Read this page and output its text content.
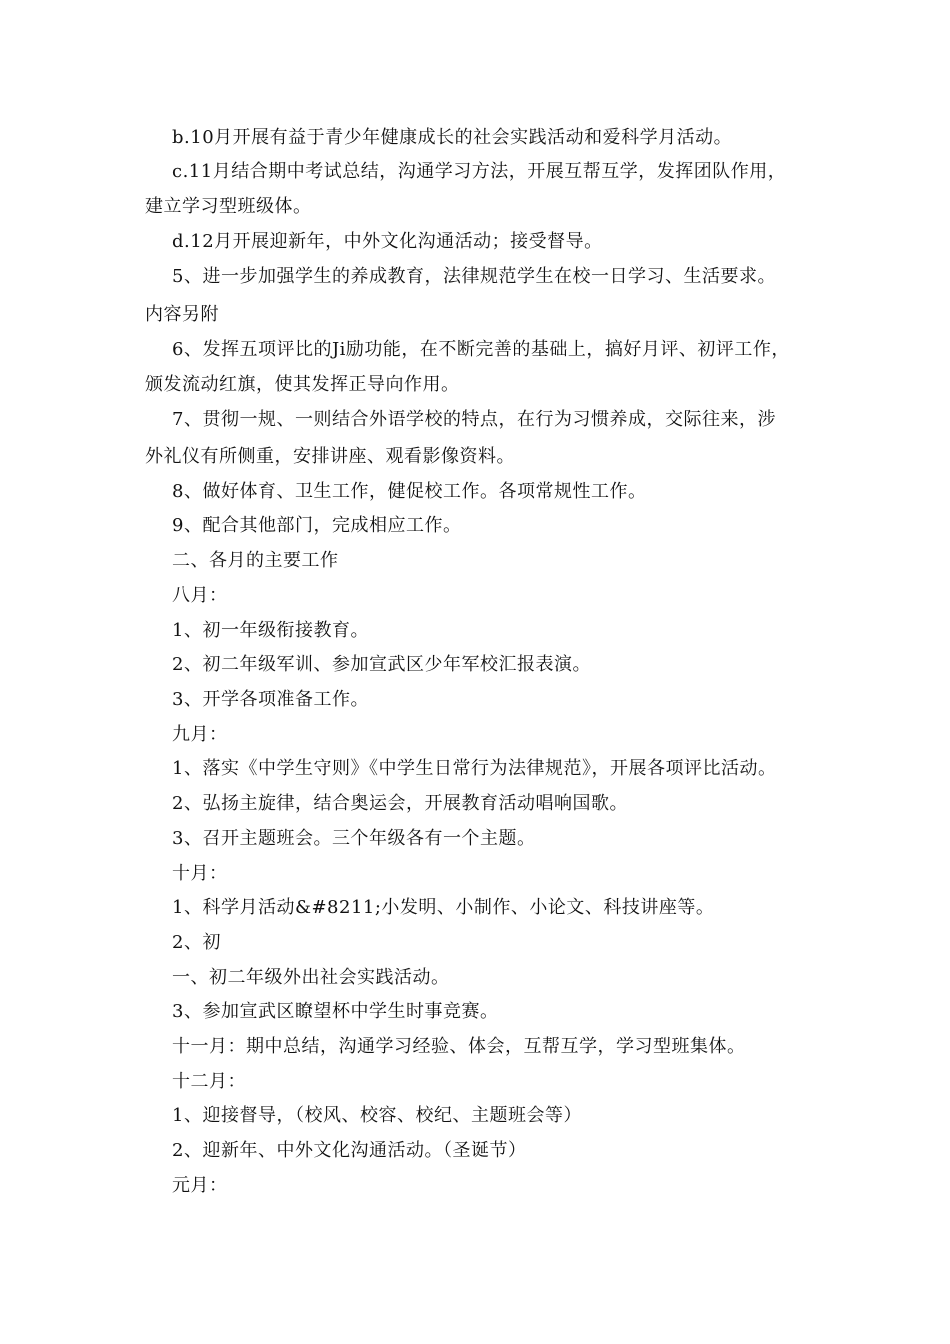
b.10月开展有益于青少年健康成长的社会实践活动和爱科学月活动。
c.11月结合期中考试总结，沟通学习方法，开展互帮互学，发挥团队作用，
建立学习型班级体。
d.12月开展迎新年，中外文化沟通活动；接受督导。
5、进一步加强学生的养成教育，法律规范学生在校一日学习、生活要求。
内容另附
6、发挥五项评比的Ji励功能，在不断完善的基础上，搞好月评、初评工作，
颁发流动红旗，使其发挥正导向作用。
7、贯彻一规、一则结合外语学校的特点，在行为习惯养成，交际往来，涉
外礼仪有所侧重，安排讲座、观看影像资料。
8、做好体育、卫生工作，健促校工作。各项常规性工作。
9、配合其他部门，完成相应工作。
二、各月的主要工作
八月：
1、初一年级衔接教育。
2、初二年级军训、参加宣武区少年军校汇报表演。
3、开学各项准备工作。
九月：
1、落实《中学生守则》《中学生日常行为法律规范》，开展各项评比活动。
2、弘扬主旋律，结合奥运会，开展教育活动唱响国歌。
3、召开主题班会。三个年级各有一个主题。
十月：
1、科学月活动&#8211;小发明、小制作、小论文、科技讲座等。
2、初
一、初二年级外出社会实践活动。
3、参加宣武区瞭望杯中学生时事竞赛。
十一月：期中总结，沟通学习经验、体会，互帮互学，学习型班集体。
十二月：
1、迎接督导，（校风、校容、校纪、主题班会等）
2、迎新年、中外文化沟通活动。（圣诞节）
元月：
